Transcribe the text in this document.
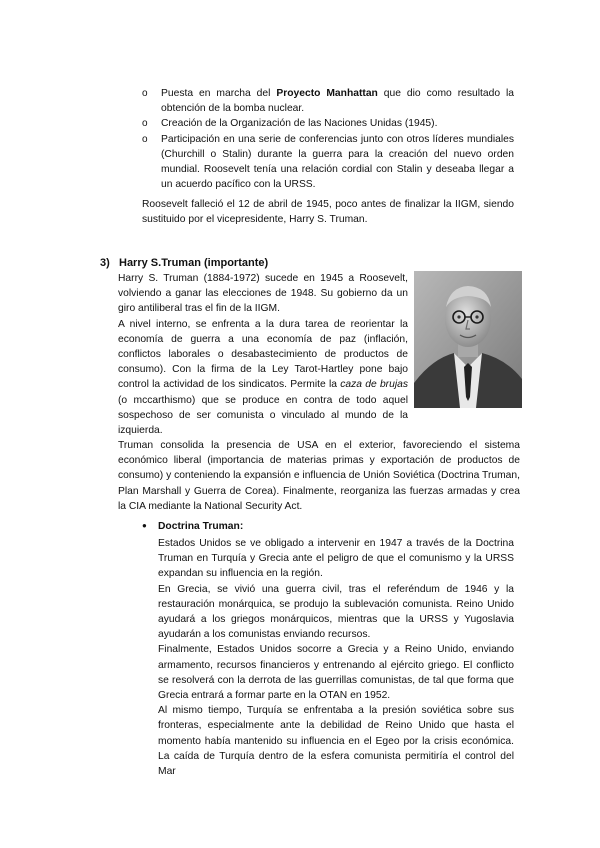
o Puesta en marcha del Proyecto Manhattan que dio como resultado la obtención de la bomba nuclear.
o Creación de la Organización de las Naciones Unidas (1945).
o Participación en una serie de conferencias junto con otros líderes mundiales (Churchill o Stalin) durante la guerra para la creación del nuevo orden mundial. Roosevelt tenía una relación cordial con Stalin y deseaba llegar a un acuerdo pacífico con la URSS.
Roosevelt falleció el 12 de abril de 1945, poco antes de finalizar la IIGM, siendo sustituido por el vicepresidente, Harry S. Truman.
3) Harry S.Truman (importante)
Harry S. Truman (1884-1972) sucede en 1945 a Roosevelt, volviendo a ganar las elecciones de 1948. Su gobierno da un giro antiliberal tras el fin de la IIGM.
A nivel interno, se enfrenta a la dura tarea de reorientar la economía de guerra a una economía de paz (inflación, conflictos laborales o desabastecimiento de productos de consumo). Con la firma de la Ley Tarot-Hartley pone bajo control la actividad de los sindicatos. Permite la caza de brujas (o mccarthismo) que se produce en contra de todo aquel sospechoso de ser comunista o vinculado al mundo de la izquierda.
Truman consolida la presencia de USA en el exterior, favoreciendo el sistema económico liberal (importancia de materias primas y exportación de productos de consumo) y conteniendo la expansión e influencia de Unión Soviética (Doctrina Truman, Plan Marshall y Guerra de Corea). Finalmente, reorganiza las fuerzas armadas y crea la CIA mediante la National Security Act.
● Doctrina Truman:

Estados Unidos se ve obligado a intervenir en 1947 a través de la Doctrina Truman en Turquía y Grecia ante el peligro de que el comunismo y la URSS expandan su influencia en la región.

En Grecia, se vivió una guerra civil, tras el referéndum de 1946 y la restauración monárquica, se produjo la sublevación comunista. Reino Unido ayudará a los griegos monárquicos, mientras que la URSS y Yugoslavia ayudarán a los comunistas enviando recursos.

Finalmente, Estados Unidos socorre a Grecia y a Reino Unido, enviando armamento, recursos financieros y entrenando al ejército griego. El conflicto se resolverá con la derrota de las guerrillas comunistas, de tal que forma que Grecia entrará a formar parte en la OTAN en 1952.

Al mismo tiempo, Turquía se enfrentaba a la presión soviética sobre sus fronteras, especialmente ante la debilidad de Reino Unido que hasta el momento había mantenido su influencia en el Egeo por la crisis económica. La caída de Turquía dentro de la esfera comunista permitiría el control del Mar
